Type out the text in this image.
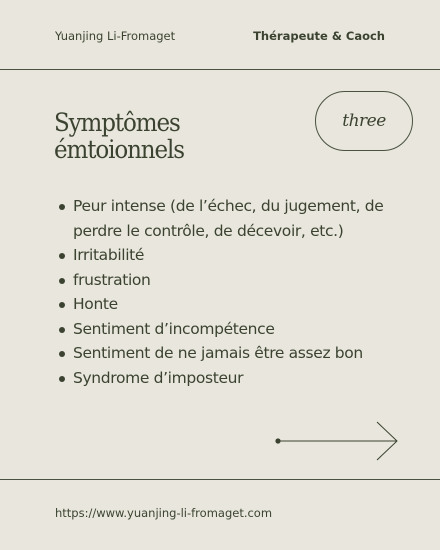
Yuanjing Li-Fromaget	Thérapeute & Caoch
Symptômes
émtoionnels
three
Peur intense (de l’échec, du jugement, de perdre le contrôle, de décevoir, etc.)
Irritabilité
frustration
Honte
Sentiment d’incompétence
Sentiment de ne jamais être assez bon
Syndrome d’imposteur
https://www.yuanjing-li-fromaget.com
